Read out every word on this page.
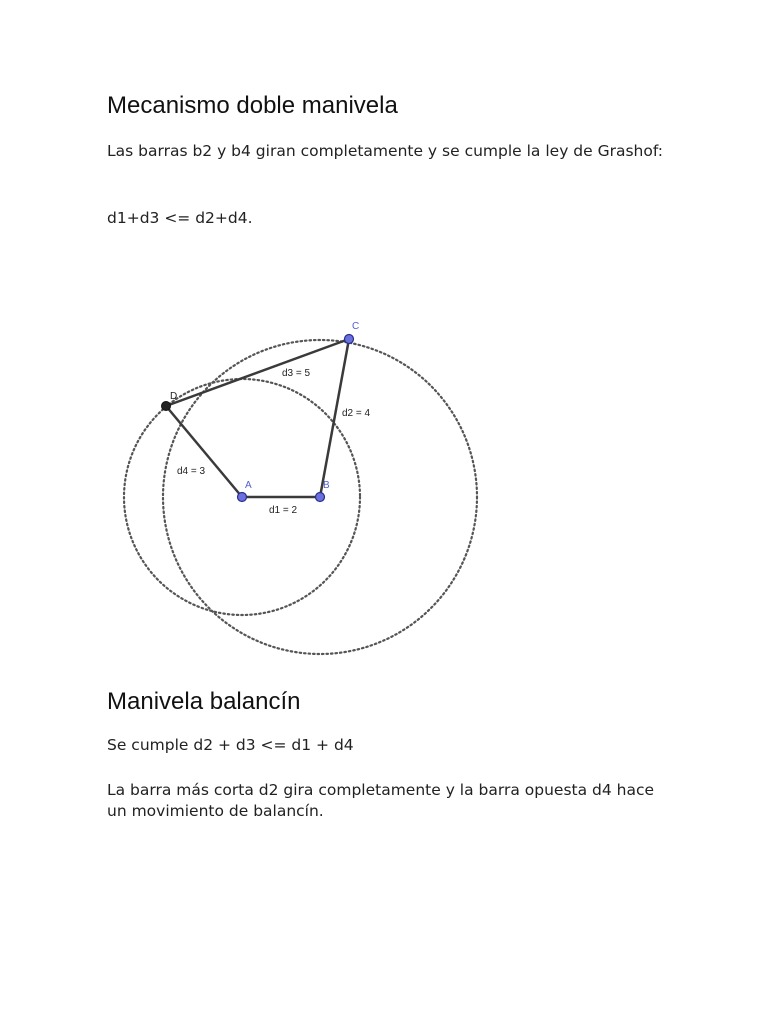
Mecanismo doble manivela

Las barras b2 y b4 giran completamente y se cumple la ley de Grashof:

d1+d3 <= d2+d4.

A	B
C
D
d1 = 2
d2 = 4
d3 = 5
d4 = 3
Manivela balancín

Se cumple d2 + d3 <= d1 + d4

La barra más corta d2 gira completamente y la barra opuesta d4 hace un movimiento de balancín.
